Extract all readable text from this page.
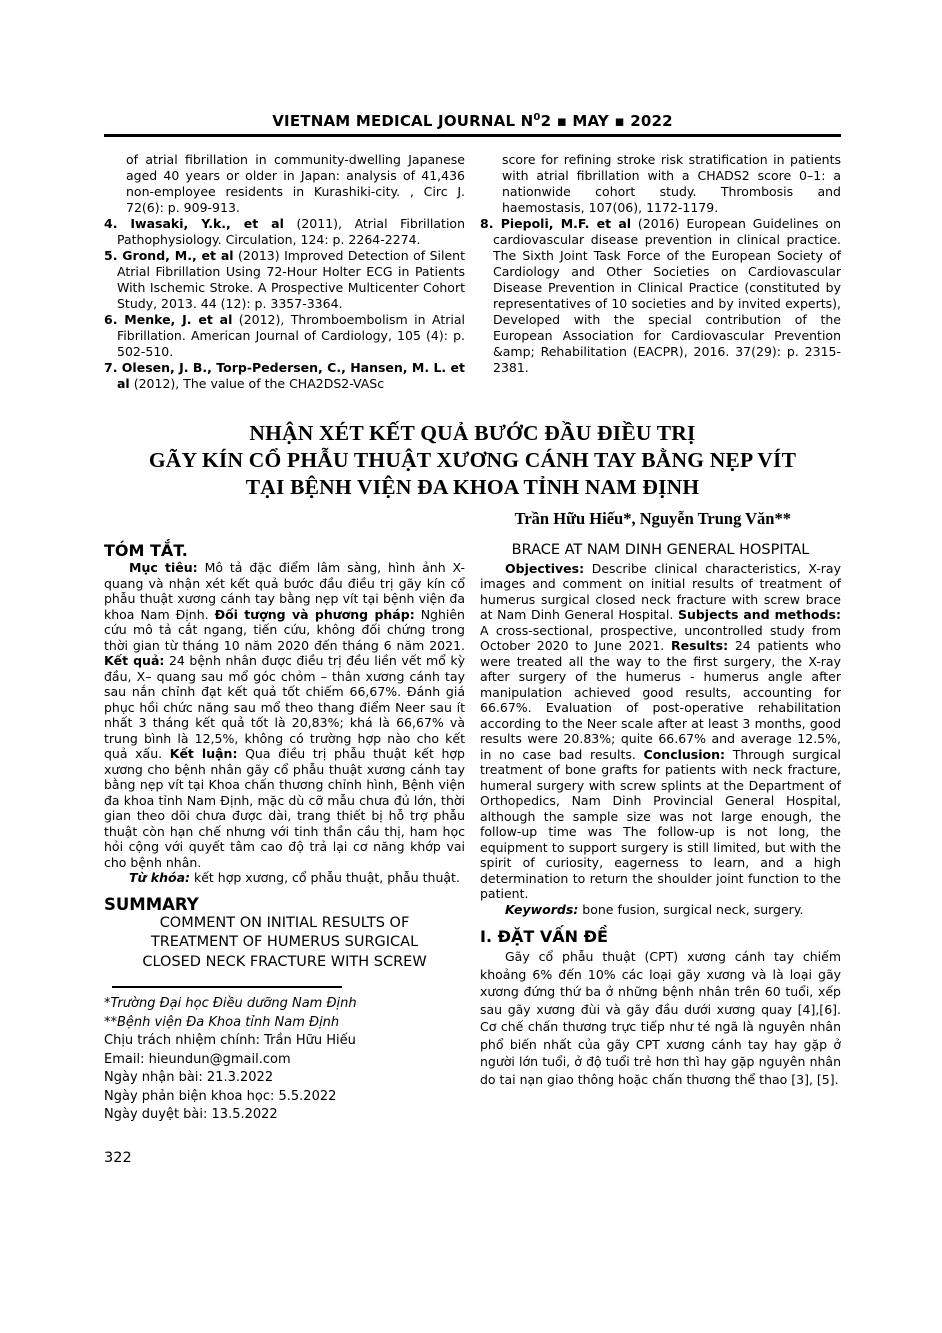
VIETNAM MEDICAL JOURNAL $N^02$ ▪ MAY ▪ 2022

of atrial fibrillation in community-dwelling Japanese aged 40 years or older in Japan: analysis of 41,436 non-employee residents in Kurashiki-city. , Circ J. 72(6): p. 909-913.

4. Iwasaki, Y.k., et al (2011), Atrial Fibrillation Pathophysiology. Circulation, 124: p. 2264-2274.

5. Grond, M., et al (2013) Improved Detection of Silent Atrial Fibrillation Using 72-Hour Holter ECG in Patients With Ischemic Stroke. A Prospective Multicenter Cohort Study, 2013. 44 (12): p. 3357-3364.

6. Menke, J. et al (2012), Thromboembolism in Atrial Fibrillation. American Journal of Cardiology, 105 (4): p. 502-510.

7. Olesen, J. B., Torp-Pedersen, C., Hansen, M. L. et al (2012), The value of the CHA2DS2-VASc

score for refining stroke risk stratification in patients with atrial fibrillation with a CHADS2 score 0–1: a nationwide cohort study. Thrombosis and haemostasis, 107(06), 1172-1179.

8. Piepoli, M.F. et al (2016) European Guidelines on cardiovascular disease prevention in clinical practice. The Sixth Joint Task Force of the European Society of Cardiology and Other Societies on Cardiovascular Disease Prevention in Clinical Practice (constituted by representatives of 10 societies and by invited experts), Developed with the special contribution of the European Association for Cardiovascular Prevention &amp; Rehabilitation (EACPR), 2016. 37(29): p. 2315-2381.

NHẬN XÉT KẾT QUẢ BƯỚC ĐẦU ĐIỀU TRỊ
GÃY KÍN CỔ PHẪU THUẬT XƯƠNG CÁNH TAY BẰNG NẸP VÍT
TẠI BỆNH VIỆN ĐA KHOA TỈNH NAM ĐỊNH
Trần Hữu Hiếu*, Nguyễn Trung Văn**

TÓM TẮT.

Mục tiêu: Mô tả đặc điểm lâm sàng, hình ảnh X-quang và nhận xét kết quả bước đầu điều trị gãy kín cổ phẫu thuật xương cánh tay bằng nẹp vít tại bệnh viện đa khoa Nam Định. Đối tượng và phương pháp: Nghiên cứu mô tả cắt ngang, tiến cứu, không đối chứng trong thời gian từ tháng 10 năm 2020 đến tháng 6 năm 2021. Kết quả: 24 bệnh nhân được điều trị đều liền vết mổ kỳ đầu, X– quang sau mổ góc chỏm – thân xương cánh tay sau nắn chỉnh đạt kết quả tốt chiếm 66,67%. Đánh giá phục hồi chức năng sau mổ theo thang điểm Neer sau ít nhất 3 tháng kết quả tốt là 20,83%; khá là 66,67% và trung bình là 12,5%, không có trường hợp nào cho kết quả xấu. Kết luận: Qua điều trị phẫu thuật kết hợp xương cho bệnh nhân gãy cổ phẫu thuật xương cánh tay bằng nẹp vít tại Khoa chấn thương chỉnh hình, Bệnh viện đa khoa tỉnh Nam Định, mặc dù cỡ mẫu chưa đủ lớn, thời gian theo dõi chưa được dài, trang thiết bị hỗ trợ phẫu thuật còn hạn chế nhưng với tinh thần cầu thị, ham học hỏi cộng với quyết tâm cao độ trả lại cơ năng khớp vai cho bệnh nhân.

Từ khóa: kết hợp xương, cổ phẫu thuật, phẫu thuật.

SUMMARY

COMMENT ON INITIAL RESULTS OF

TREATMENT OF HUMERUS SURGICAL

CLOSED NECK FRACTURE WITH SCREW

*Trường Đại học Điều dưỡng Nam Định

**Bệnh viện Đa Khoa tỉnh Nam Định

Chịu trách nhiệm chính: Trần Hữu Hiếu

Email: hieundun@gmail.com

Ngày nhận bài: 21.3.2022

Ngày phản biện khoa học: 5.5.2022

Ngày duyệt bài: 13.5.2022

BRACE AT NAM DINH GENERAL HOSPITAL

Objectives: Describe clinical characteristics, X-ray images and comment on initial results of treatment of humerus surgical closed neck fracture with screw brace at Nam Dinh General Hospital. Subjects and methods: A cross-sectional, prospective, uncontrolled study from October 2020 to June 2021. Results: 24 patients who were treated all the way to the first surgery, the X-ray after surgery of the humerus - humerus angle after manipulation achieved good results, accounting for 66.67%. Evaluation of post-operative rehabilitation according to the Neer scale after at least 3 months, good results were 20.83%; quite 66.67% and average 12.5%, in no case bad results. Conclusion: Through surgical treatment of bone grafts for patients with neck fracture, humeral surgery with screw splints at the Department of Orthopedics, Nam Dinh Provincial General Hospital, although the sample size was not large enough, the follow-up time was The follow-up is not long, the equipment to support surgery is still limited, but with the spirit of curiosity, eagerness to learn, and a high determination to return the shoulder joint function to the patient.

Keywords: bone fusion, surgical neck, surgery.

I. ĐẶT VẤN ĐỀ

Gãy cổ phẫu thuật (CPT) xương cánh tay chiếm khoảng 6% đến 10% các loại gãy xương và là loại gãy xương đứng thứ ba ở những bệnh nhân trên 60 tuổi, xếp sau gãy xương đùi và gãy đầu dưới xương quay [4],[6]. Cơ chế chấn thương trực tiếp như té ngã là nguyên nhân phổ biến nhất của gãy CPT xương cánh tay hay gặp ở người lớn tuổi, ở độ tuổi trẻ hơn thì hay gặp nguyên nhân do tai nạn giao thông hoặc chấn thương thể thao [3], [5].

322
